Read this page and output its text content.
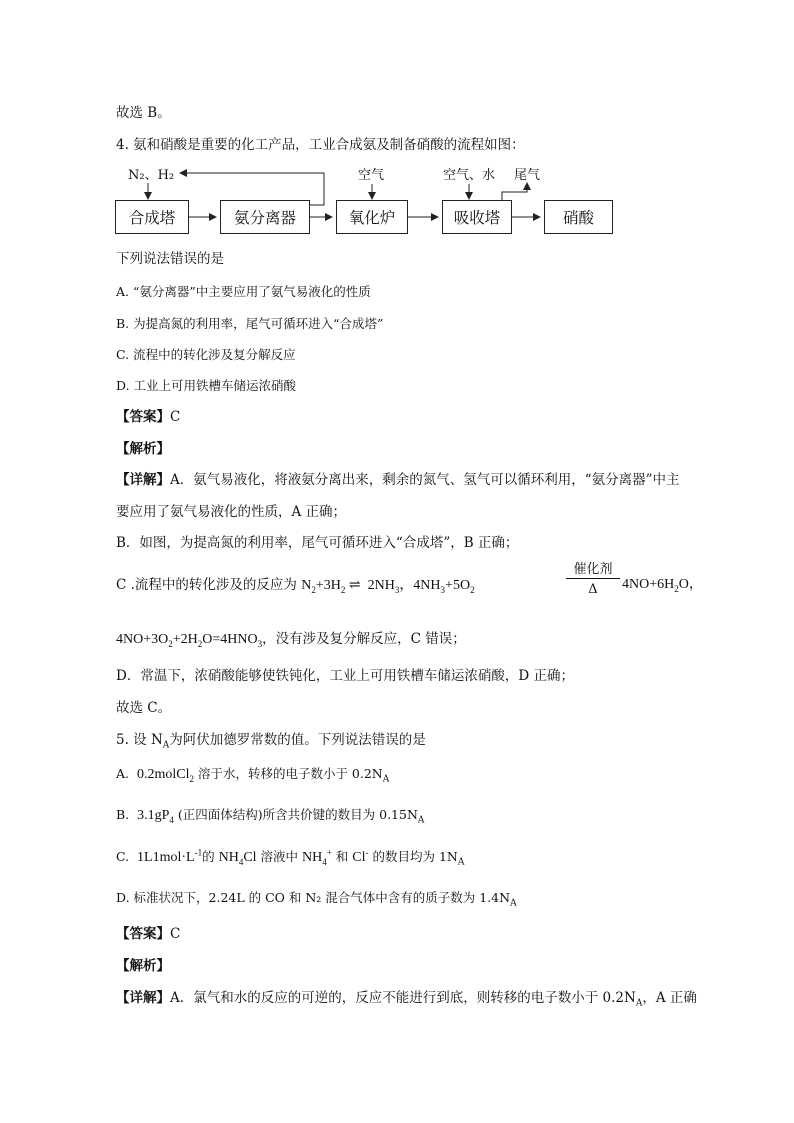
故选 B。
4. 氨和硝酸是重要的化工产品，工业合成氨及制备硝酸的流程如图：
N₂、H₂	空气	空气、水 尾气
合成塔	氨分离器	氧化炉	吸收塔	硝酸
下列说法错误的是
A. “氨分离器”中主要应用了氨气易液化的性质
B. 为提高氮的利用率，尾气可循环进入“合成塔”
C. 流程中的转化涉及复分解反应
D. 工业上可用铁槽车储运浓硝酸
【答案】C
【解析】
【详解】A．氨气易液化，将液氨分离出来，剩余的氮气、氢气可以循环利用，“氨分离器”中主
要应用了氨气易液化的性质，A 正确；
B．如图，为提高氮的利用率，尾气可循环进入“合成塔”，B 正确；
C .流程中的转化涉及的反应为 $N_2+3H_2$ ⇌  $2NH_3$，$4NH_3+5O_2$
催化剂
Δ	$4NO+6H_2O$，
$4NO+3O_2+2H_2O=4HNO_3$，没有涉及复分解反应，C 错误；
D．常温下，浓硝酸能够使铁钝化，工业上可用铁槽车储运浓硝酸，D 正确；
故选 C。
5. 设 $N_A$为阿伏加德罗常数的值。下列说法错误的是
A.  0.2molCl$_2$ 溶于水，转移的电子数小于 $0.2N_A$
B.  $3.1gP_4$ (正四面体结构)所含共价键的数目为 $0.15N_A$
C.  $1L1mol\cdot L^{-1}$的 $NH_4Cl$ 溶液中 $NH_4^+$ 和 Cl- 的数目均为 $1N_A$
D. 标准状况下，2.24L 的 CO 和 N₂ 混合气体中含有的质子数为 $1.4N_A$
【答案】C
【解析】
【详解】A．氯气和水的反应的可逆的，反应不能进行到底，则转移的电子数小于 $0.2N_A$，A 正确
